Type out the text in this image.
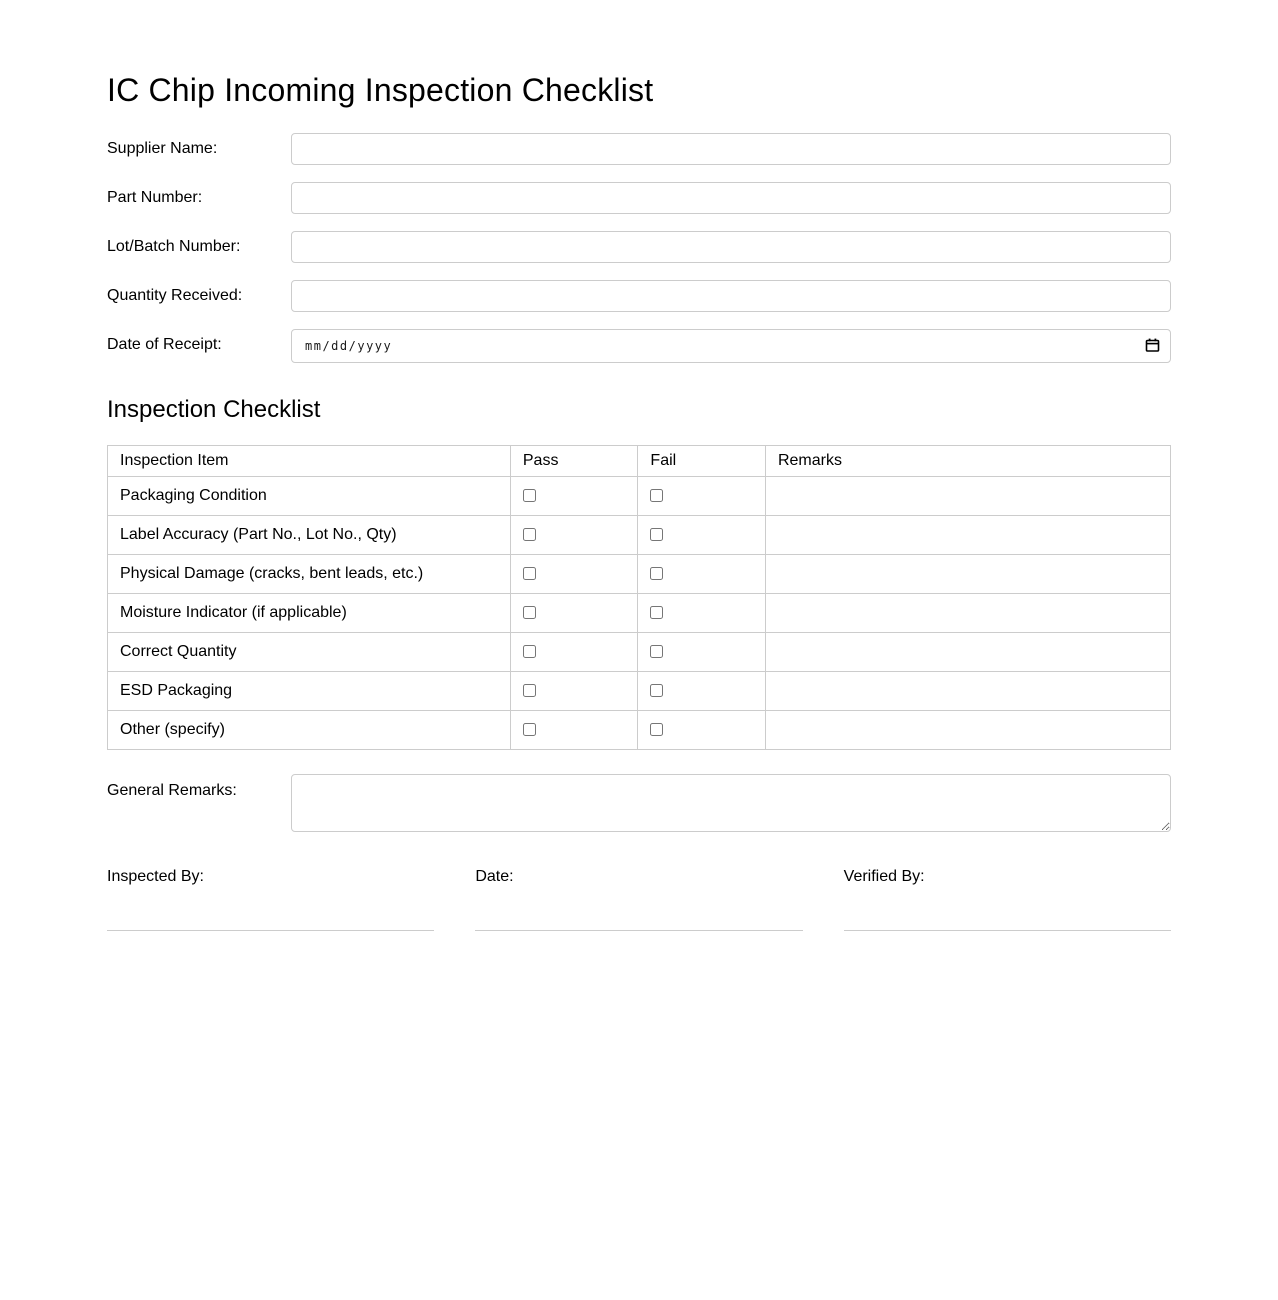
IC Chip Incoming Inspection Checklist
Supplier Name:
Part Number:
Lot/Batch Number:
Quantity Received:
Date of Receipt:	mm/dd/yyyy
Inspection Checklist
Inspection Item	Pass	Fail	Remarks
Packaging Condition			
Label Accuracy (Part No., Lot No., Qty)			
Physical Damage (cracks, bent leads, etc.)			
Moisture Indicator (if applicable)			
Correct Quantity			
ESD Packaging			
Other (specify)			
General Remarks:
Inspected By:	Date:	Verified By:
